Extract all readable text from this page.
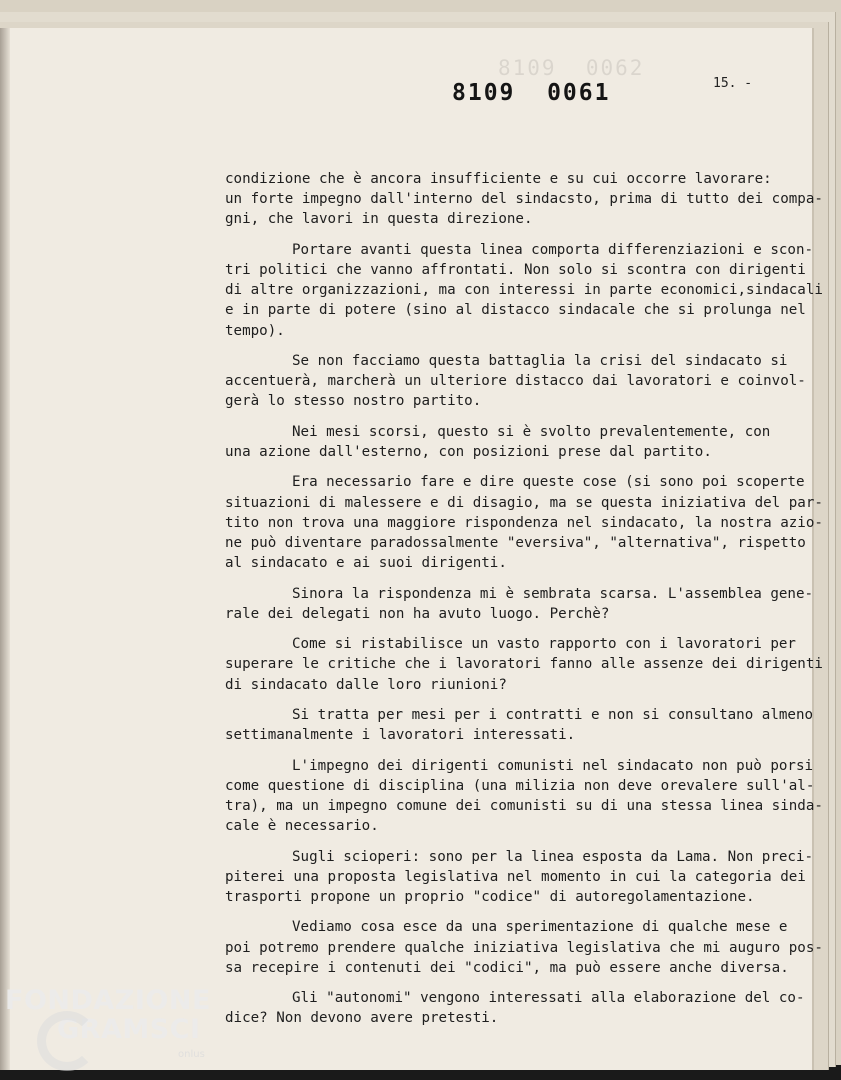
8109  0062
8109  0061	15. -
condizione che è ancora insufficiente e su cui occorre lavorare:
un forte impegno dall'interno del sindacsto, prima di tutto dei compa-
gni, che lavori in questa direzione.
Portare avanti questa linea comporta differenziazioni e scon-
tri politici che vanno affrontati. Non solo si scontra con dirigenti
di altre organizzazioni, ma con interessi in parte economici,sindacali
e in parte di potere (sino al distacco sindacale che si prolunga nel
tempo).
Se non facciamo questa battaglia la crisi del sindacato si
accentuerà, marcherà un ulteriore distacco dai lavoratori e coinvol-
gerà lo stesso nostro partito.
Nei mesi scorsi, questo si è svolto prevalentemente, con
una azione dall'esterno, con posizioni prese dal partito.
Era necessario fare e dire queste cose (si sono poi scoperte
situazioni di malessere e di disagio, ma se questa iniziativa del par-
tito non trova una maggiore rispondenza nel sindacato, la nostra azio-
ne può diventare paradossalmente "eversiva", "alternativa", rispetto
al sindacato e ai suoi dirigenti.
Sinora la rispondenza mi è sembrata scarsa. L'assemblea gene-
rale dei delegati non ha avuto luogo. Perchè?
Come si ristabilisce un vasto rapporto con i lavoratori per
superare le critiche che i lavoratori fanno alle assenze dei dirigenti
di sindacato dalle loro riunioni?
Si tratta per mesi per i contratti e non si consultano almeno
settimanalmente i lavoratori interessati.
L'impegno dei dirigenti comunisti nel sindacato non può porsi
come questione di disciplina (una milizia non deve orevalere sull'al-
tra), ma un impegno comune dei comunisti su di una stessa linea sinda-
cale è necessario.
Sugli scioperi: sono per la linea esposta da Lama. Non preci-
piterei una proposta legislativa nel momento in cui la categoria dei
trasporti propone un proprio "codice" di autoregolamentazione.
Vediamo cosa esce da una sperimentazione di qualche mese e
poi potremo prendere qualche iniziativa legislativa che mi auguro pos-
sa recepire i contenuti dei "codici", ma può essere anche diversa.
Gli "autonomi" vengono interessati alla elaborazione del co-
dice? Non devono avere pretesti.
FONDAZIONE
GRAMSCI
onlus
